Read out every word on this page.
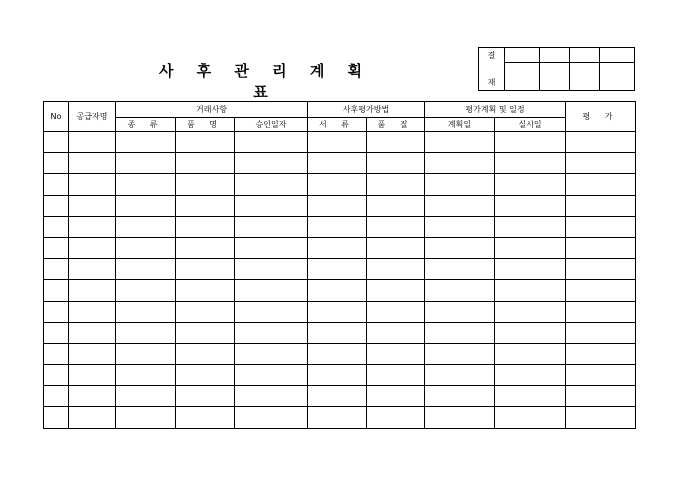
사 후 관 리 계 획 표
결
재				

No	공급자명	거래사항			사후평가방법		평가계획 및 일정		평 가
		종 류	품 명	승인일자	서 류	품 질	계획일	실시일	
